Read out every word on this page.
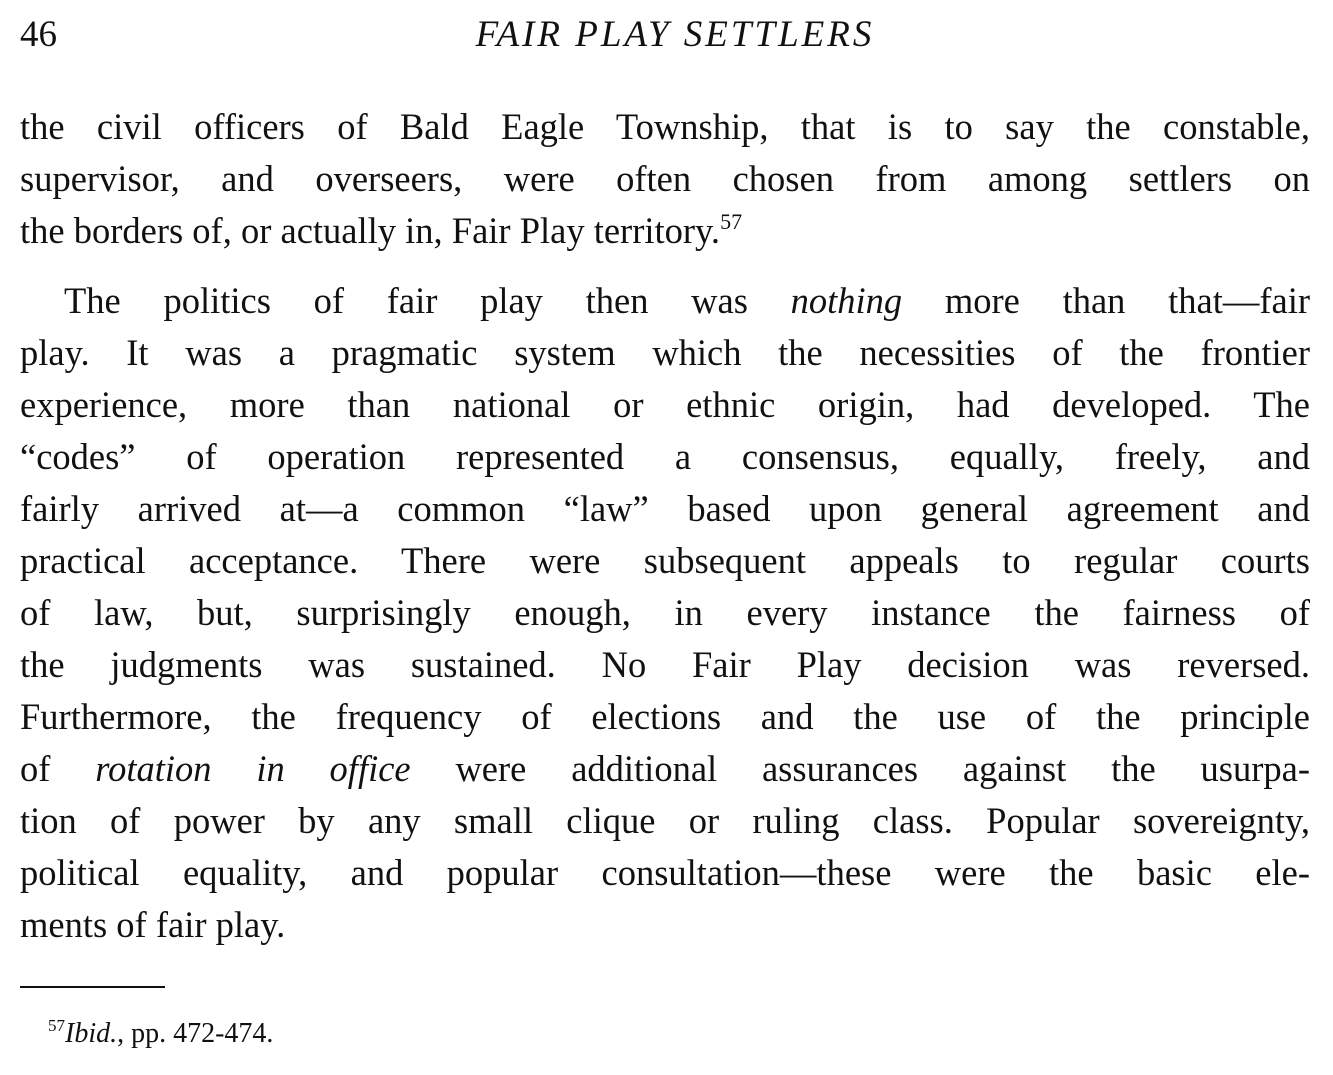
46	FAIR PLAY SETTLERS
the civil officers of Bald Eagle Township, that is to say the constable,
supervisor, and overseers, were often chosen from among settlers on
the borders of, or actually in, Fair Play territory.$^{57}$
The politics of fair play then was nothing more than that—fair
play. It was a pragmatic system which the necessities of the frontier
experience, more than national or ethnic origin, had developed. The
“codes” of operation represented a consensus, equally, freely, and
fairly arrived at—a common “law” based upon general agreement and
practical acceptance. There were subsequent appeals to regular courts
of law, but, surprisingly enough, in every instance the fairness of
the judgments was sustained. No Fair Play decision was reversed.
Furthermore, the frequency of elections and the use of the principle
of rotation in office were additional assurances against the usurpa-
tion of power by any small clique or ruling class. Popular sovereignty,
political equality, and popular consultation—these were the basic ele-
ments of fair play.
$^{57}$Ibid., pp. 472-474.
